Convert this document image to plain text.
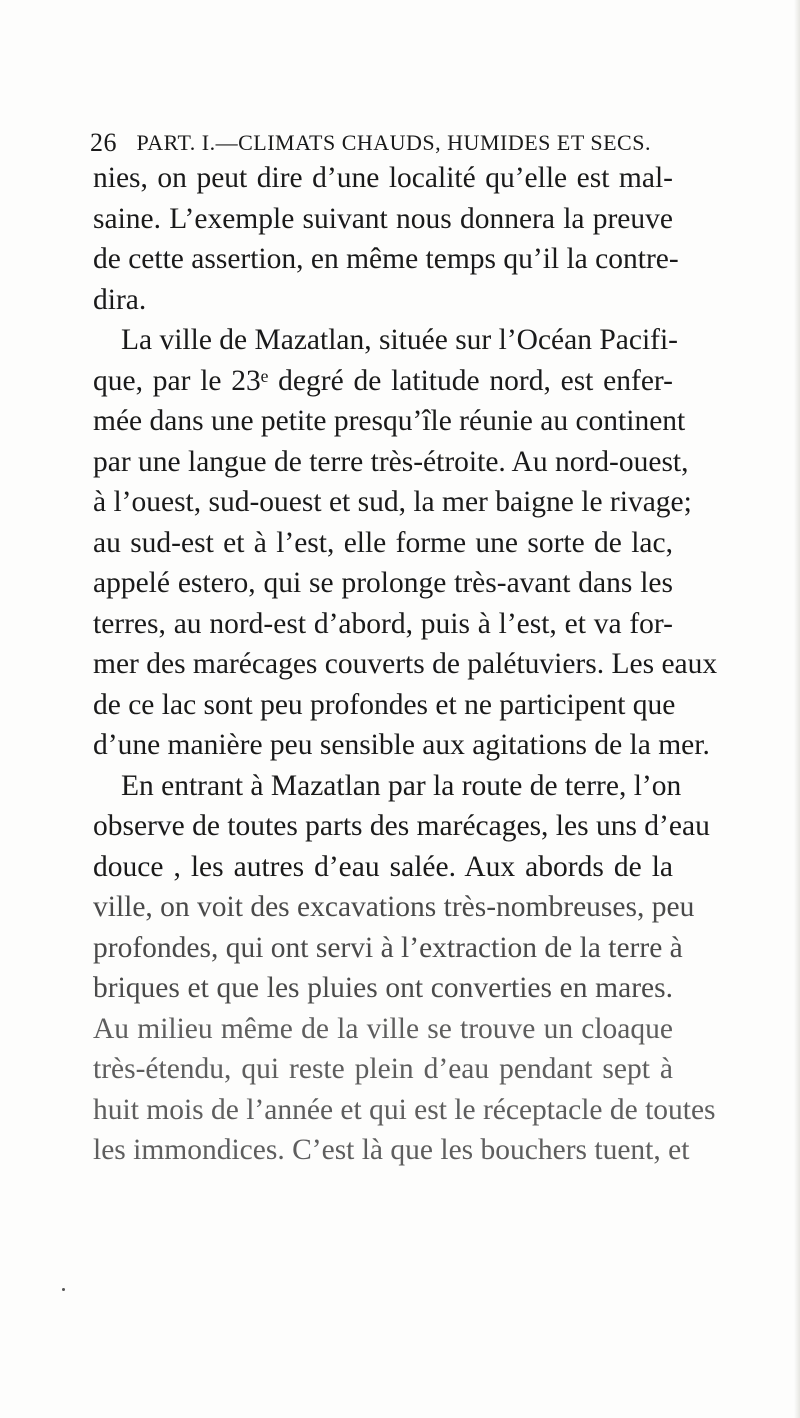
26 PART. I.—CLIMATS CHAUDS, HUMIDES ET SECS.
nies, on peut dire d’une localité qu’elle est mal-
saine. L’exemple suivant nous donnera la preuve
de cette assertion, en même temps qu’il la contre-
dira.
La ville de Mazatlan, située sur l’Océan Pacifi-
que, par le 23ᵉ degré de latitude nord, est enfer-
mée dans une petite presqu’île réunie au continent
par une langue de terre très-étroite. Au nord-ouest,
à l’ouest, sud-ouest et sud, la mer baigne le rivage;
au sud-est et à l’est, elle forme une sorte de lac,
appelé estero, qui se prolonge très-avant dans les
terres, au nord-est d’abord, puis à l’est, et va for-
mer des marécages couverts de palétuviers. Les eaux
de ce lac sont peu profondes et ne participent que
d’une manière peu sensible aux agitations de la mer.
En entrant à Mazatlan par la route de terre, l’on
observe de toutes parts des marécages, les uns d’eau
douce , les autres d’eau salée. Aux abords de la
ville, on voit des excavations très-nombreuses, peu
profondes, qui ont servi à l’extraction de la terre à
briques et que les pluies ont converties en mares.
Au milieu même de la ville se trouve un cloaque
très-étendu, qui reste plein d’eau pendant sept à
huit mois de l’année et qui est le réceptacle de toutes
les immondices. C’est là que les bouchers tuent, et
